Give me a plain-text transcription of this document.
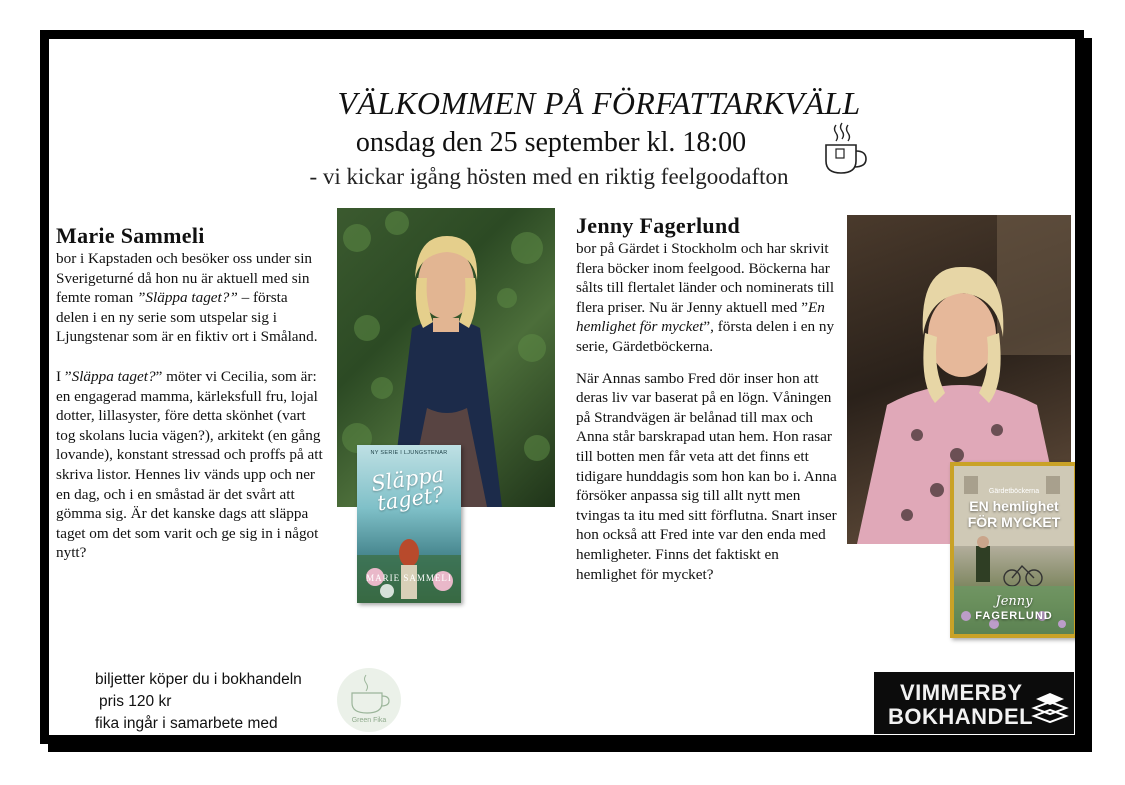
VÄLKOMMEN PÅ FÖRFATTARKVÄLL
onsdag den 25 september kl. 18:00
- vi kickar igång hösten med en riktig feelgoodafton
Marie Sammeli

bor i Kapstaden och besöker oss under sin Sverigeturné då hon nu är aktuell med sin femte roman ”Släppa taget?” – första delen i en ny serie som utspelar sig i Ljungstenar som är en fiktiv ort i Småland.

I ”Släppa taget?” möter vi Cecilia, som är: en engagerad mamma, kärleksfull fru, lojal dotter, lillasyster, före detta skönhet (vart tog skolans lucia vägen?), arkitekt (en gång lovande), konstant stressad och proffs på att skriva listor. Hennes liv vänds upp och ner en dag, och i en småstad är det svårt att gömma sig. Är det kanske dags att släppa taget om det som varit och ge sig in i något nytt?

NY SERIE I LJUNGSTENAR
Släppa taget?
MARIE SAMMELI
Jenny Fagerlund

bor på Gärdet i Stockholm och har skrivit flera böcker inom feelgood. Böckerna har sålts till flertalet länder och nominerats till flera priser. Nu är Jenny aktuell med ”En hemlighet för mycket”, första delen i en ny serie, Gärdetböckerna.

När Annas sambo Fred dör inser hon att deras liv var baserat på en lögn. Våningen på Strandvägen är belånad till max och Anna står barskrapad utan hem. Hon rasar till botten men får veta att det finns ett tidigare hunddagis som hon kan bo i. Anna försöker anpassa sig till allt nytt men tvingas ta itu med sitt förflutna. Snart inser hon också att Fred inte var den enda med hemligheter. Finns det faktiskt en hemlighet för mycket?

Gärdetböckerna
EN hemlighet
FÖR MYCKET
Jenny
FAGERLUND
biljetter köper du i bokhandeln
pris 120 kr
fika ingår i samarbete med	Green Fika
VIMMERBY
BOKHANDEL
